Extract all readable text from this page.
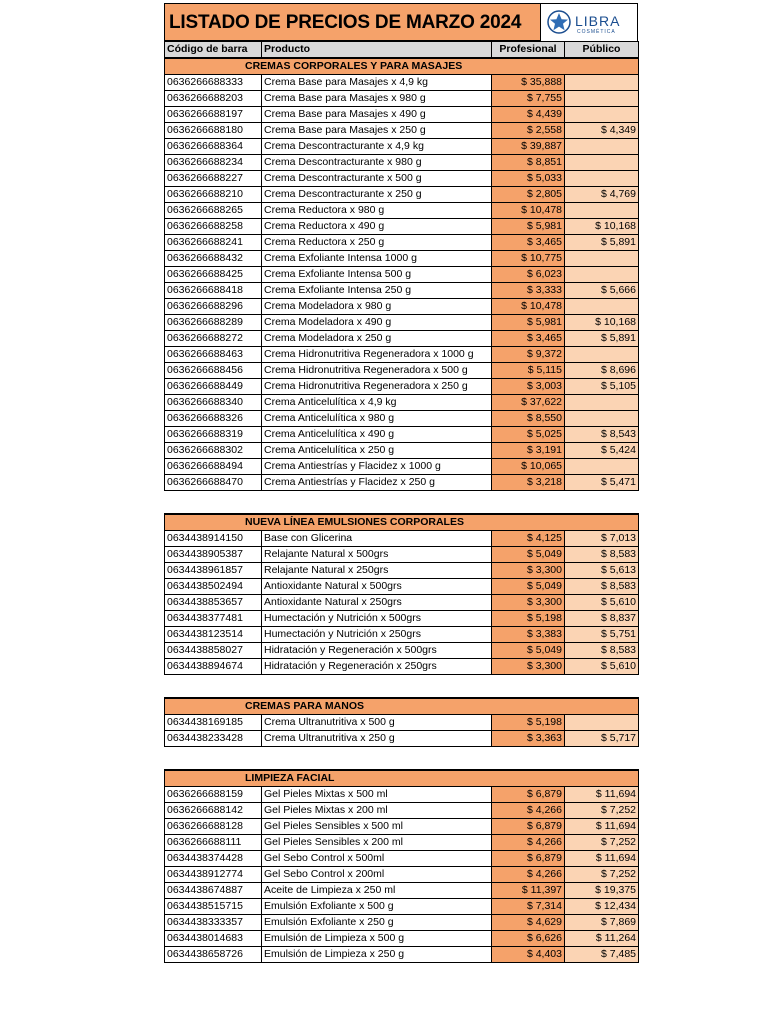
LISTADO DE PRECIOS DE MARZO 2024	LIBRA
COSMÉTICA
Código de barra	Producto	Profesional	Público
CREMAS CORPORALES Y PARA MASAJES			
0636266688333	Crema Base para Masajes x 4,9 kg	$ 35,888	
0636266688203	Crema Base para Masajes x 980 g	$ 7,755	
0636266688197	Crema Base para Masajes x 490 g	$ 4,439	
0636266688180	Crema Base para Masajes x 250 g	$ 2,558	$ 4,349
0636266688364	Crema Descontracturante x 4,9 kg	$ 39,887	
0636266688234	Crema Descontracturante x 980 g	$ 8,851	
0636266688227	Crema Descontracturante x 500 g	$ 5,033	
0636266688210	Crema Descontracturante x 250 g	$ 2,805	$ 4,769
0636266688265	Crema Reductora x 980 g	$ 10,478	
0636266688258	Crema Reductora x 490 g	$ 5,981	$ 10,168
0636266688241	Crema Reductora x 250 g	$ 3,465	$ 5,891
0636266688432	Crema Exfoliante Intensa 1000 g	$ 10,775	
0636266688425	Crema Exfoliante Intensa 500 g	$ 6,023	
0636266688418	Crema Exfoliante Intensa 250 g	$ 3,333	$ 5,666
0636266688296	Crema Modeladora x 980 g	$ 10,478	
0636266688289	Crema Modeladora x 490 g	$ 5,981	$ 10,168
0636266688272	Crema Modeladora x 250 g	$ 3,465	$ 5,891
0636266688463	Crema Hidronutritiva Regeneradora x 1000 g	$ 9,372	
0636266688456	Crema Hidronutritiva Regeneradora x 500 g	$ 5,115	$ 8,696
0636266688449	Crema Hidronutritiva Regeneradora x 250 g	$ 3,003	$ 5,105
0636266688340	Crema Anticelulítica x 4,9 kg	$ 37,622	
0636266688326	Crema Anticelulítica x 980 g	$ 8,550	
0636266688319	Crema Anticelulítica x 490 g	$ 5,025	$ 8,543
0636266688302	Crema Anticelulítica x 250 g	$ 3,191	$ 5,424
0636266688494	Crema Antiestrías y Flacidez x 1000 g	$ 10,065	
0636266688470	Crema Antiestrías y Flacidez x 250 g	$ 3,218	$ 5,471
NUEVA LÍNEA EMULSIONES CORPORALES			
0634438914150	Base con Glicerina	$ 4,125	$ 7,013
0634438905387	Relajante Natural x 500grs	$ 5,049	$ 8,583
0634438961857	Relajante Natural x 250grs	$ 3,300	$ 5,613
0634438502494	Antioxidante Natural x 500grs	$ 5,049	$ 8,583
0634438853657	Antioxidante Natural x 250grs	$ 3,300	$ 5,610
0634438377481	Humectación y Nutrición x 500grs	$ 5,198	$ 8,837
0634438123514	Humectación y Nutrición x 250grs	$ 3,383	$ 5,751
0634438858027	Hidratación y Regeneración x 500grs	$ 5,049	$ 8,583
0634438894674	Hidratación y Regeneración x 250grs	$ 3,300	$ 5,610
CREMAS PARA MANOS			
0634438169185	Crema Ultranutritiva x 500 g	$ 5,198	
0634438233428	Crema Ultranutritiva x 250 g	$ 3,363	$ 5,717
LIMPIEZA FACIAL			
0636266688159	Gel Pieles Mixtas x 500 ml	$ 6,879	$ 11,694
0636266688142	Gel Pieles Mixtas x 200 ml	$ 4,266	$ 7,252
0636266688128	Gel Pieles Sensibles x 500 ml	$ 6,879	$ 11,694
0636266688111	Gel Pieles Sensibles x 200 ml	$ 4,266	$ 7,252
0634438374428	Gel Sebo Control x 500ml	$ 6,879	$ 11,694
0634438912774	Gel Sebo Control x 200ml	$ 4,266	$ 7,252
0634438674887	Aceite de Limpieza x 250 ml	$ 11,397	$ 19,375
0634438515715	Emulsión Exfoliante x 500 g	$ 7,314	$ 12,434
0634438333357	Emulsión Exfoliante x 250 g	$ 4,629	$ 7,869
0634438014683	Emulsión de Limpieza x 500 g	$ 6,626	$ 11,264
0634438658726	Emulsión de Limpieza x 250 g	$ 4,403	$ 7,485
